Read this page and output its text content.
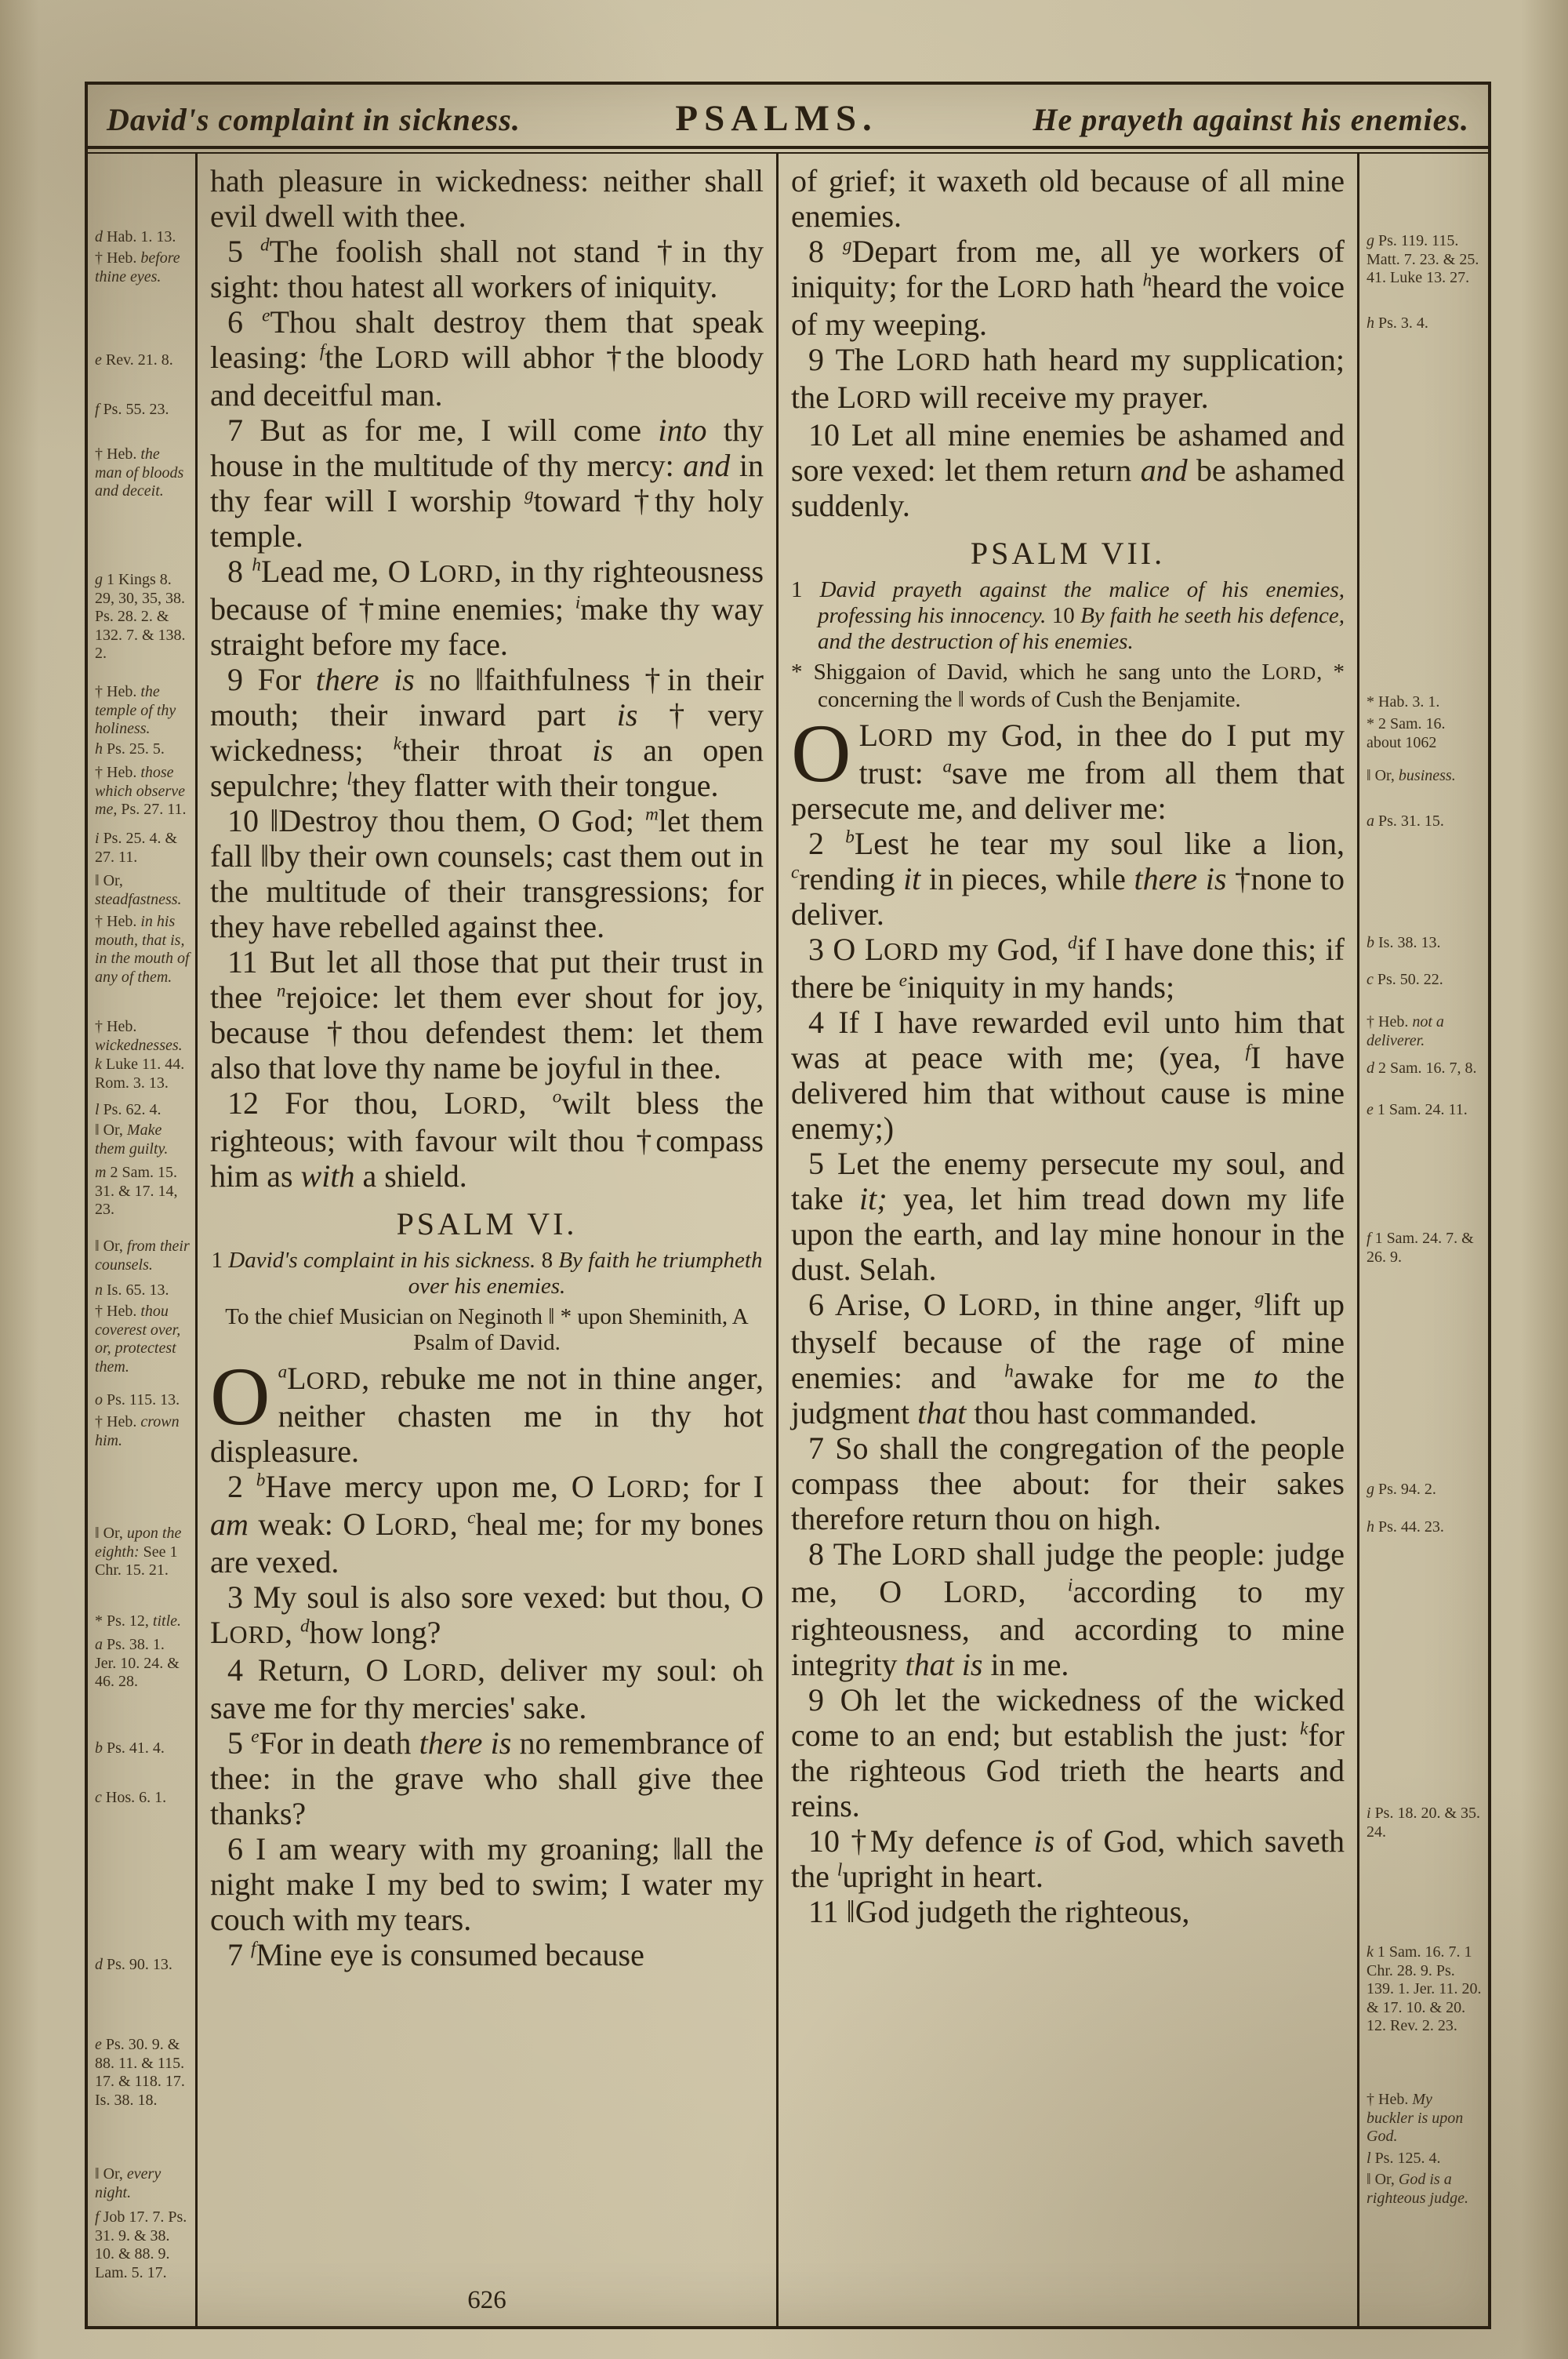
David's complaint in sickness.	PSALMS.	He prayeth against his enemies.
d Hab. 1. 13.
† Heb. before thine eyes.
e Rev. 21. 8.
f Ps. 55. 23.
† Heb. the man of bloods and deceit.
g 1 Kings 8. 29, 30, 35, 38. Ps. 28. 2. & 132. 7. & 138. 2.
† Heb. the temple of thy holiness.
h Ps. 25. 5.
† Heb. those which observe me, Ps. 27. 11.
i Ps. 25. 4. & 27. 11.
‖ Or, steadfastness.
† Heb. in his mouth, that is, in the mouth of any of them.
† Heb. wickednesses.
k Luke 11. 44. Rom. 3. 13.
l Ps. 62. 4.
‖ Or, Make them guilty.
m 2 Sam. 15. 31. & 17. 14, 23.
‖ Or, from their counsels.
n Is. 65. 13.
† Heb. thou coverest over, or, protectest them.
o Ps. 115. 13.
† Heb. crown him.
‖ Or, upon the eighth: See 1 Chr. 15. 21.
* Ps. 12, title.
a Ps. 38. 1. Jer. 10. 24. & 46. 28.
b Ps. 41. 4.
c Hos. 6. 1.
d Ps. 90. 13.
e Ps. 30. 9. & 88. 11. & 115. 17. & 118. 17. Is. 38. 18.
‖ Or, every night.
f Job 17. 7. Ps. 31. 9. & 38. 10. & 88. 9. Lam. 5. 17.

hath pleasure in wickedness: neither shall evil dwell with thee.

5 $^d$The foolish shall not stand †in thy sight: thou hatest all workers of iniquity.

6 $^e$Thou shalt destroy them that speak leasing: $^f$the LORD will abhor †the bloody and deceitful man.

7 But as for me, I will come into thy house in the multitude of thy mercy: and in thy fear will I worship $^g$toward †thy holy temple.

8 $^h$Lead me, O LORD, in thy righteousness because of †mine enemies; $^i$make thy way straight before my face.

9 For there is no ‖faithfulness †in their mouth; their inward part is †very wickedness; $^k$their throat is an open sepulchre; $^l$they flatter with their tongue.

10 ‖Destroy thou them, O God; $^m$let them fall ‖by their own counsels; cast them out in the multitude of their transgressions; for they have rebelled against thee.

11 But let all those that put their trust in thee $^n$rejoice: let them ever shout for joy, because †thou defendest them: let them also that love thy name be joyful in thee.

12 For thou, LORD, $^o$wilt bless the righteous; with favour wilt thou †compass him as with a shield.

PSALM VI.

1 David's complaint in his sickness. 8 By faith he triumpheth over his enemies.

To the chief Musician on Neginoth ‖ * upon Sheminith, A Psalm of David.

O $^a$LORD, rebuke me not in thine anger, neither chasten me in thy hot displeasure.

2 $^b$Have mercy upon me, O LORD; for I am weak: O LORD, $^c$heal me; for my bones are vexed.

3 My soul is also sore vexed: but thou, O LORD, $^d$how long?

4 Return, O LORD, deliver my soul: oh save me for thy mercies' sake.

5 $^e$For in death there is no remembrance of thee: in the grave who shall give thee thanks?

6 I am weary with my groaning; ‖all the night make I my bed to swim; I water my couch with my tears.

7 $^f$Mine eye is consumed because

626

of grief; it waxeth old because of all mine enemies.

8 $^g$Depart from me, all ye workers of iniquity; for the LORD hath $^h$heard the voice of my weeping.

9 The LORD hath heard my supplication; the LORD will receive my prayer.

10 Let all mine enemies be ashamed and sore vexed: let them return and be ashamed suddenly.

PSALM VII.

1 David prayeth against the malice of his enemies, professing his innocency. 10 By faith he seeth his defence, and the destruction of his enemies.

* Shiggaion of David, which he sang unto the LORD, * concerning the ‖ words of Cush the Benjamite.

O LORD my God, in thee do I put my trust: $^a$save me from all them that persecute me, and deliver me:

2 $^b$Lest he tear my soul like a lion, $^c$rending it in pieces, while there is †none to deliver.

3 O LORD my God, $^d$if I have done this; if there be $^e$iniquity in my hands;

4 If I have rewarded evil unto him that was at peace with me; (yea, $^f$I have delivered him that without cause is mine enemy;)

5 Let the enemy persecute my soul, and take it; yea, let him tread down my life upon the earth, and lay mine honour in the dust. Selah.

6 Arise, O LORD, in thine anger, $^g$lift up thyself because of the rage of mine enemies: and $^h$awake for me to the judgment that thou hast commanded.

7 So shall the congregation of the people compass thee about: for their sakes therefore return thou on high.

8 The LORD shall judge the people: judge me, O LORD, $^i$according to my righteousness, and according to mine integrity that is in me.

9 Oh let the wickedness of the wicked come to an end; but establish the just: $^k$for the righteous God trieth the hearts and reins.

10 †My defence is of God, which saveth the $^l$upright in heart.

11 ‖God judgeth the righteous,

g Ps. 119. 115. Matt. 7. 23. & 25. 41. Luke 13. 27.
h Ps. 3. 4.
* Hab. 3. 1.
* 2 Sam. 16. about 1062
‖ Or, business.
a Ps. 31. 15.
b Is. 38. 13.
c Ps. 50. 22.
† Heb. not a deliverer.
d 2 Sam. 16. 7, 8.
e 1 Sam. 24. 11.
f 1 Sam. 24. 7. & 26. 9.
g Ps. 94. 2.
h Ps. 44. 23.
i Ps. 18. 20. & 35. 24.
k 1 Sam. 16. 7. 1 Chr. 28. 9. Ps. 139. 1. Jer. 11. 20. & 17. 10. & 20. 12. Rev. 2. 23.
† Heb. My buckler is upon God.
l Ps. 125. 4.
‖ Or, God is a righteous judge.
